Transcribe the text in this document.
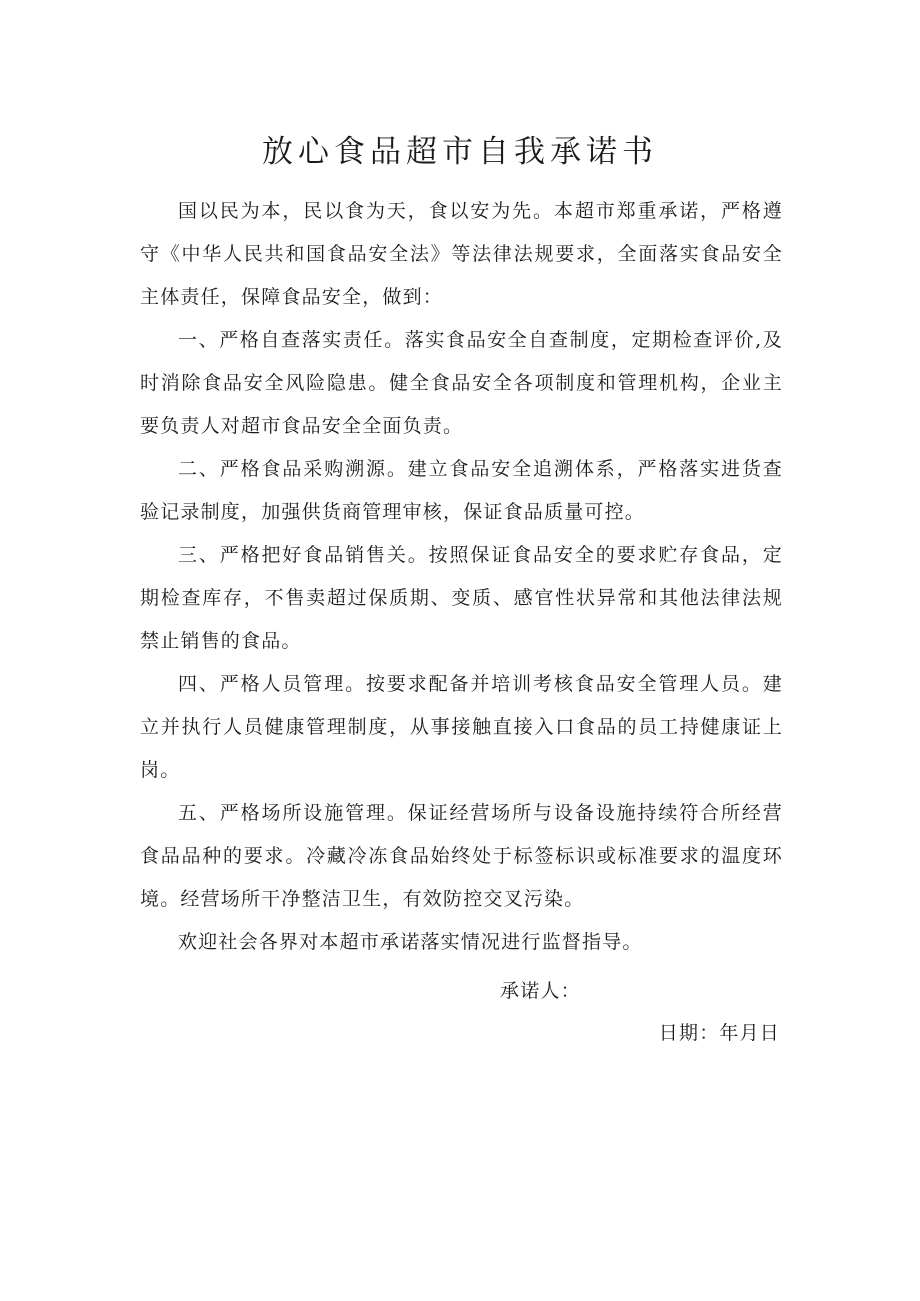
放心食品超市自我承诺书

国以民为本，民以食为天，食以安为先。本超市郑重承诺，严格遵守《中华人民共和国食品安全法》等法律法规要求，全面落实食品安全主体责任，保障食品安全，做到：

一、严格自查落实责任。落实食品安全自查制度，定期检查评价,及时消除食品安全风险隐患。健全食品安全各项制度和管理机构，企业主要负责人对超市食品安全全面负责。

二、严格食品采购溯源。建立食品安全追溯体系，严格落实进货查验记录制度，加强供货商管理审核，保证食品质量可控。

三、严格把好食品销售关。按照保证食品安全的要求贮存食品，定期检查库存，不售卖超过保质期、变质、感官性状异常和其他法律法规禁止销售的食品。

四、严格人员管理。按要求配备并培训考核食品安全管理人员。建立并执行人员健康管理制度，从事接触直接入口食品的员工持健康证上岗。

五、严格场所设施管理。保证经营场所与设备设施持续符合所经营食品品种的要求。冷藏冷冻食品始终处于标签标识或标准要求的温度环境。经营场所干净整洁卫生，有效防控交叉污染。

欢迎社会各界对本超市承诺落实情况进行监督指导。

承诺人：
日期：年月日
